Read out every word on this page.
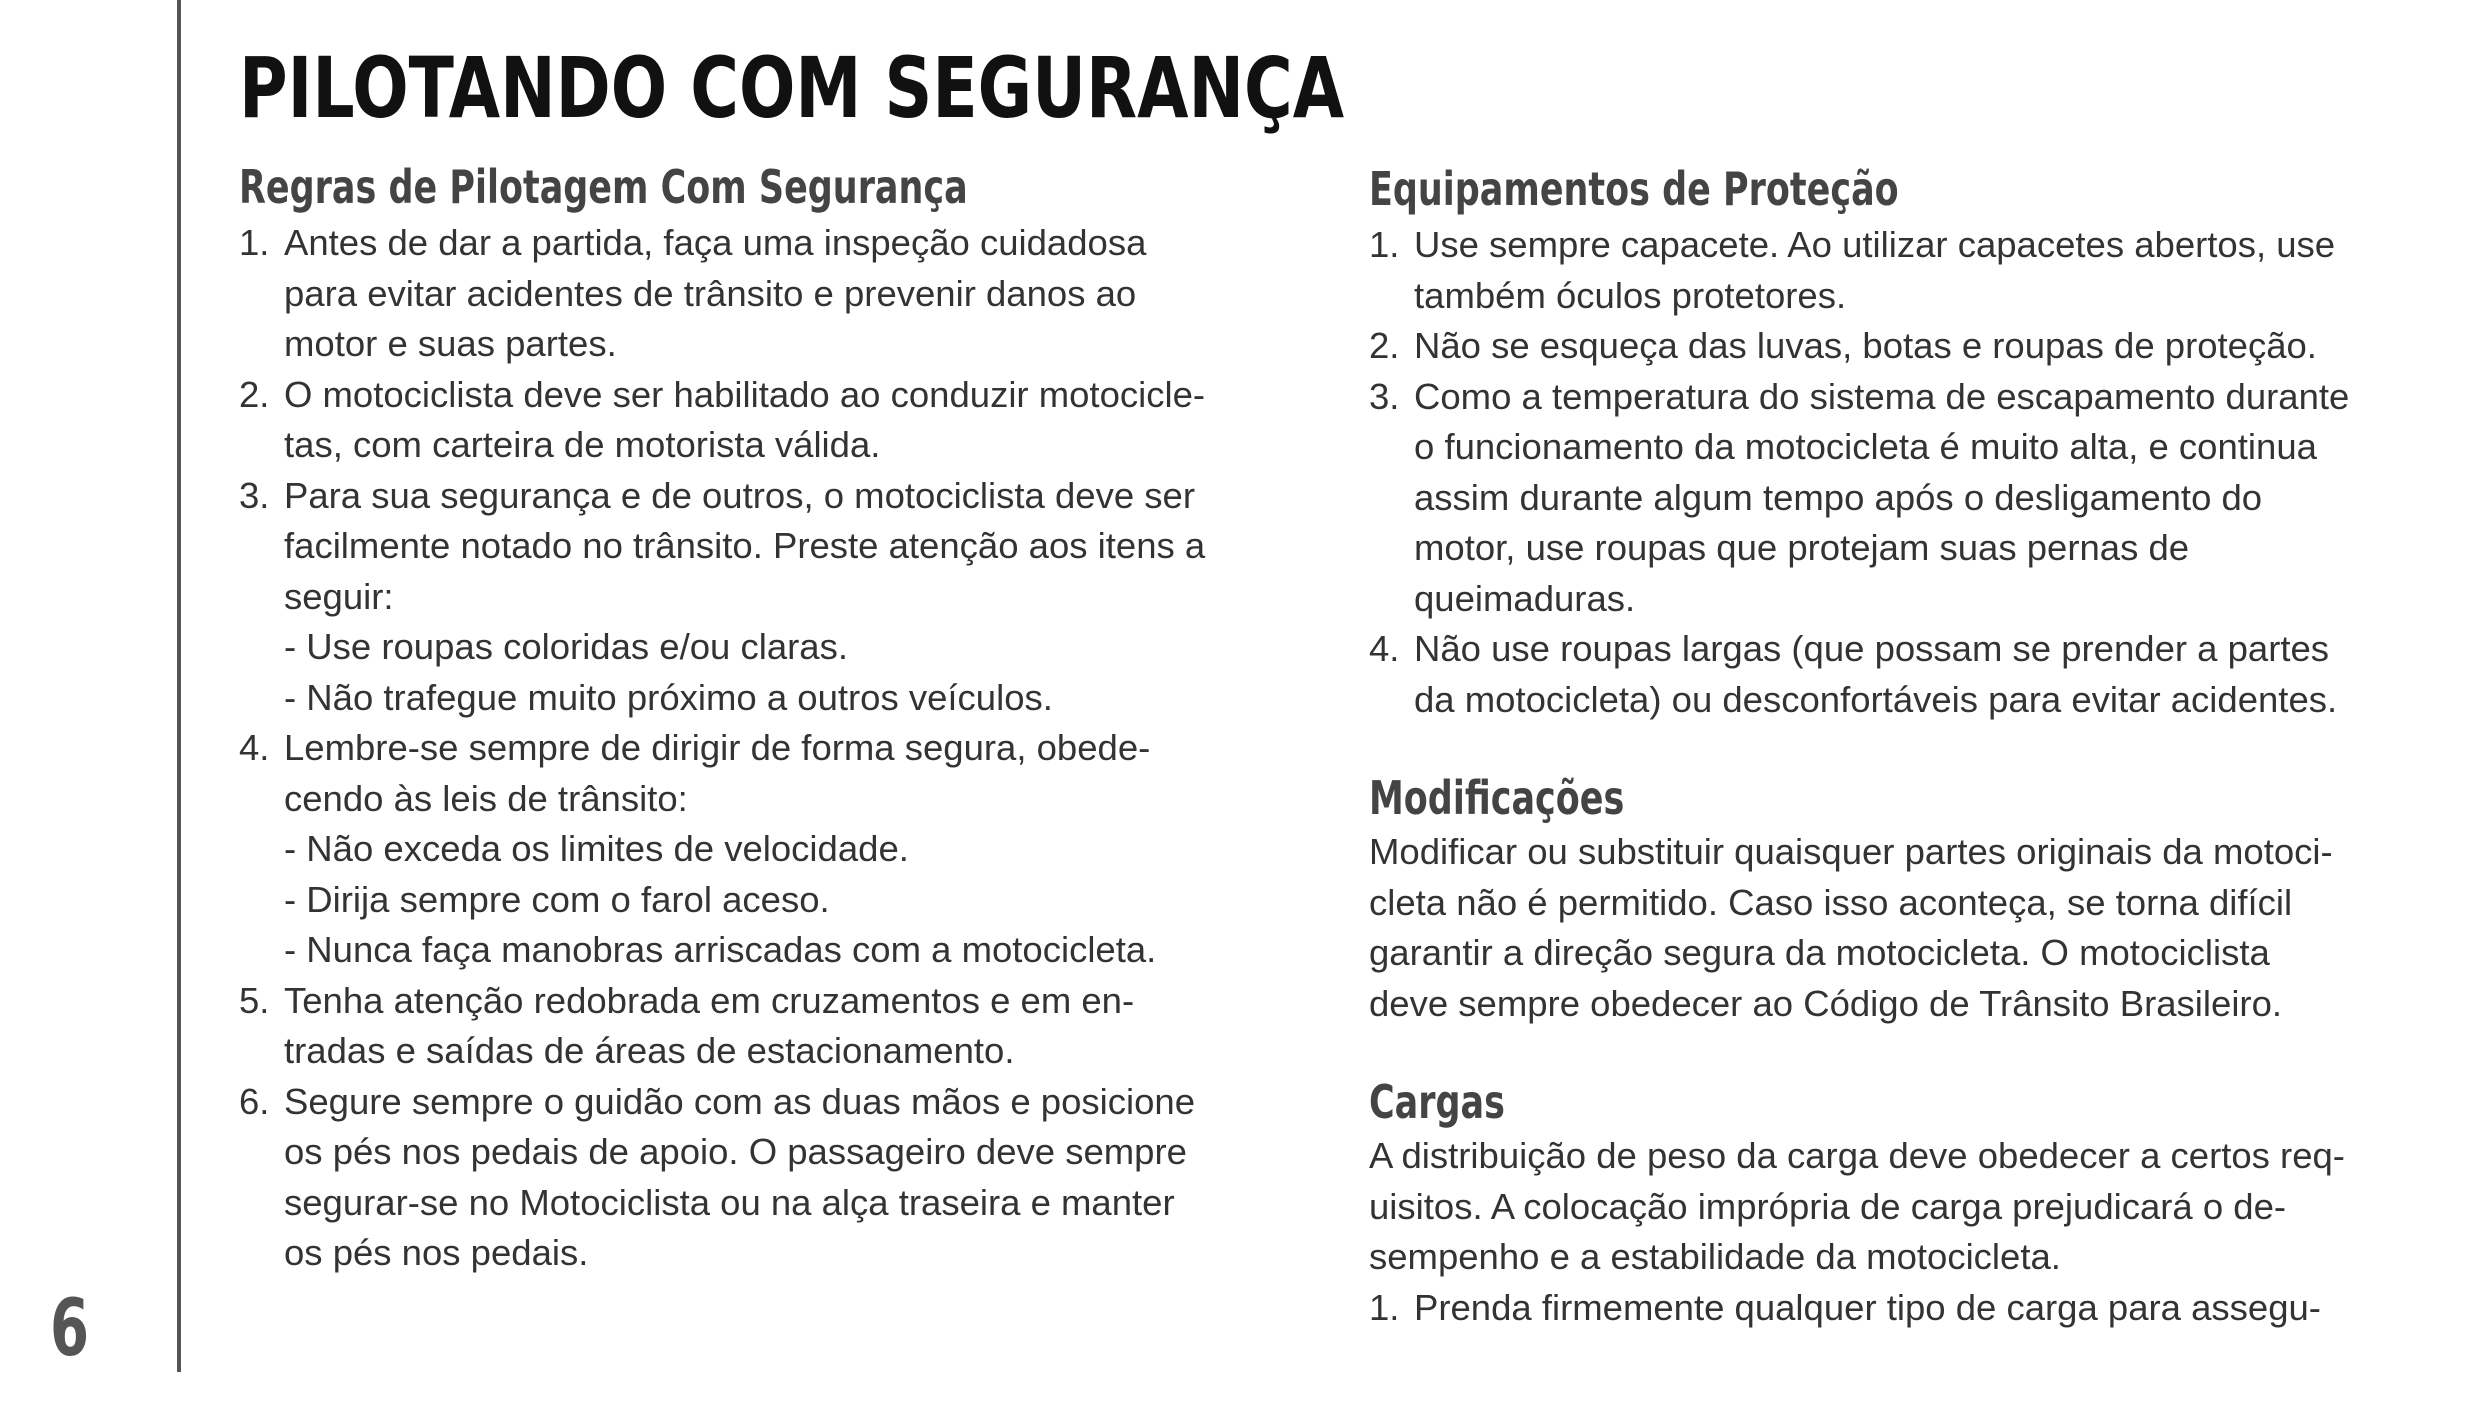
6
PILOTANDO COM SEGURANÇA
Regras de Pilotagem Com Segurança
1. Antes de dar a partida, faça uma inspeção cuidadosa
para evitar acidentes de trânsito e prevenir danos ao
motor e suas partes.
2. O motociclista deve ser habilitado ao conduzir motocicle-
tas, com carteira de motorista válida.
3. Para sua segurança e de outros, o motociclista deve ser
facilmente notado no trânsito. Preste atenção aos itens a
seguir:
- Use roupas coloridas e/ou claras.
- Não trafegue muito próximo a outros veículos.
4. Lembre-se sempre de dirigir de forma segura, obede-
cendo às leis de trânsito:
- Não exceda os limites de velocidade.
- Dirija sempre com o farol aceso.
- Nunca faça manobras arriscadas com a motocicleta.
5. Tenha atenção redobrada em cruzamentos e em en-
tradas e saídas de áreas de estacionamento.
6. Segure sempre o guidão com as duas mãos e posicione
os pés nos pedais de apoio. O passageiro deve sempre
segurar-se no Motociclista ou na alça traseira e manter
os pés nos pedais.
Equipamentos de Proteção
1. Use sempre capacete. Ao utilizar capacetes abertos, use
também óculos protetores.
2. Não se esqueça das luvas, botas e roupas de proteção.
3. Como a temperatura do sistema de escapamento durante
o funcionamento da motocicleta é muito alta, e continua
assim durante algum tempo após o desligamento do
motor, use roupas que protejam suas pernas de
queimaduras.
4. Não use roupas largas (que possam se prender a partes
da motocicleta) ou desconfortáveis para evitar acidentes.
Modificações

Modificar ou substituir quaisquer partes originais da motoci-

cleta não é permitido. Caso isso aconteça, se torna difícil

garantir a direção segura da motocicleta. O motociclista

deve sempre obedecer ao Código de Trânsito Brasileiro.

Cargas

A distribuição de peso da carga deve obedecer a certos req-

uisitos. A colocação imprópria de carga prejudicará o de-

sempenho e a estabilidade da motocicleta.

1. Prenda firmemente qualquer tipo de carga para assegu-
